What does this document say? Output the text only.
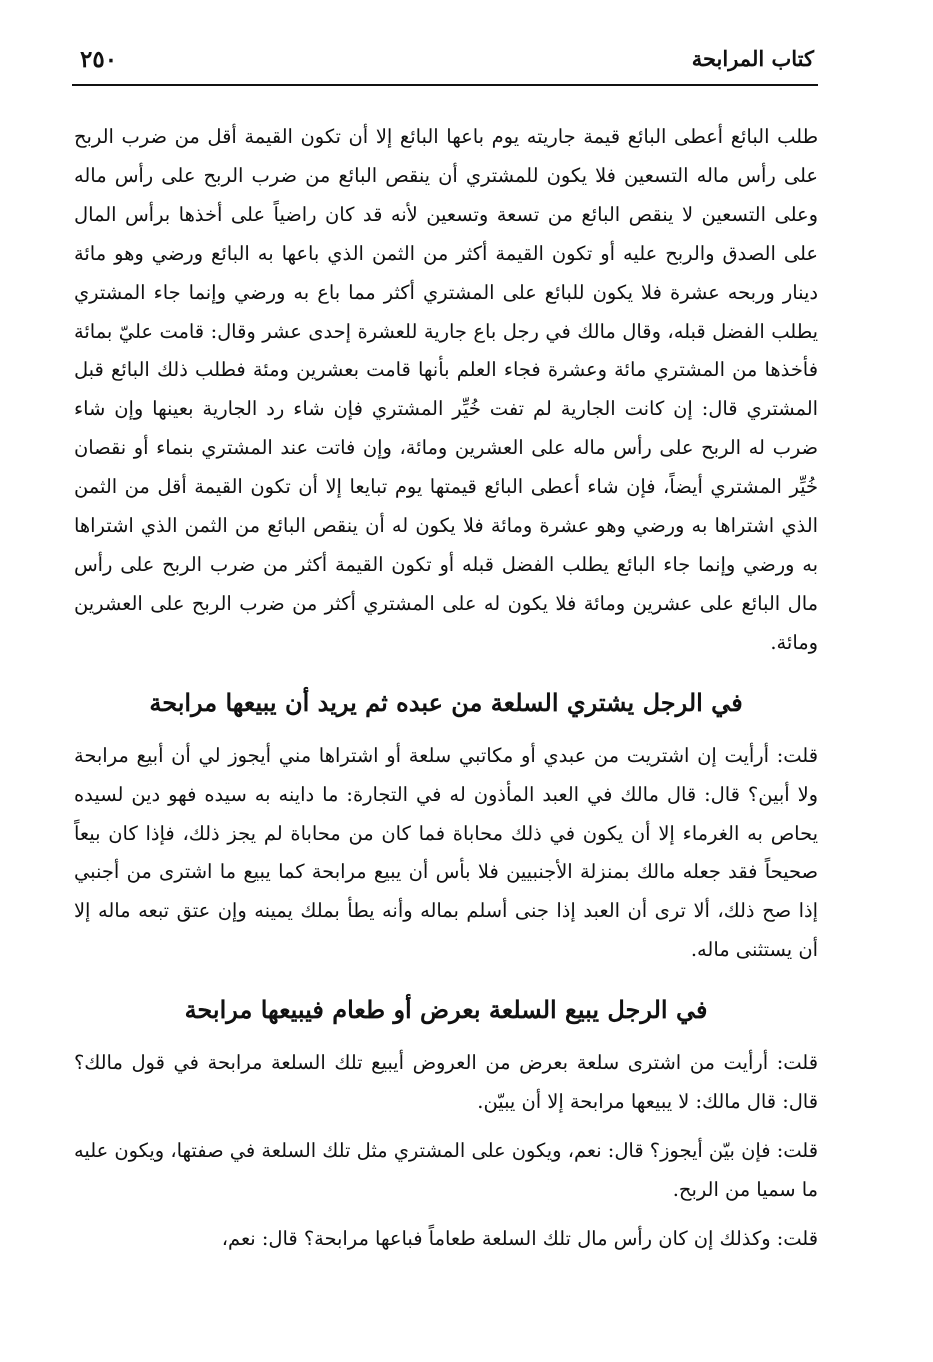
كتاب المرابحة
٢٥٠

طلب البائع أعطى البائع قيمة جاريته يوم باعها البائع إلا أن تكون القيمة أقل من ضرب الربح على رأس ماله التسعين فلا يكون للمشتري أن ينقص البائع من ضرب الربح على رأس ماله وعلى التسعين لا ينقص البائع من تسعة وتسعين لأنه قد كان راضياً على أخذها برأس المال على الصدق والربح عليه أو تكون القيمة أكثر من الثمن الذي باعها به البائع ورضي وهو مائة دينار وربحه عشرة فلا يكون للبائع على المشتري أكثر مما باع به ورضي وإنما جاء المشتري يطلب الفضل قبله، وقال مالك في رجل باع جارية للعشرة إحدى عشر وقال: قامت عليّ بمائة فأخذها من المشتري مائة وعشرة فجاء العلم بأنها قامت بعشرين ومئة فطلب ذلك البائع قبل المشتري قال: إن كانت الجارية لم تفت خُيِّر المشتري فإن شاء رد الجارية بعينها وإن شاء ضرب له الربح على رأس ماله على العشرين ومائة، وإن فاتت عند المشتري بنماء أو نقصان خُيِّر المشتري أيضاً، فإن شاء أعطى البائع قيمتها يوم تبايعا إلا أن تكون القيمة أقل من الثمن الذي اشتراها به ورضي وهو عشرة ومائة فلا يكون له أن ينقص البائع من الثمن الذي اشتراها به ورضي وإنما جاء البائع يطلب الفضل قبله أو تكون القيمة أكثر من ضرب الربح على رأس مال البائع على عشرين ومائة فلا يكون له على المشتري أكثر من ضرب الربح على العشرين ومائة.

في الرجل يشتري السلعة من عبده ثم يريد أن يبيعها مرابحة

قلت: أرأيت إن اشتريت من عبدي أو مكاتبي سلعة أو اشتراها مني أيجوز لي أن أبيع مرابحة ولا أبين؟ قال: قال مالك في العبد المأذون له في التجارة: ما داينه به سيده فهو دين لسيده يحاص به الغرماء إلا أن يكون في ذلك محاباة فما كان من محاباة لم يجز ذلك، فإذا كان بيعاً صحيحاً فقد جعله مالك بمنزلة الأجنبيين فلا بأس أن يبيع مرابحة كما يبيع ما اشترى من أجنبي إذا صح ذلك، ألا ترى أن العبد إذا جنى أسلم بماله وأنه يطأ بملك يمينه وإن عتق تبعه ماله إلا أن يستثنى ماله.

في الرجل يبيع السلعة بعرض أو طعام فيبيعها مرابحة

قلت: أرأيت من اشترى سلعة بعرض من العروض أيبيع تلك السلعة مرابحة في قول مالك؟ قال: قال مالك: لا يبيعها مرابحة إلا أن يبيّن.

قلت: فإن بيّن أيجوز؟ قال: نعم، ويكون على المشتري مثل تلك السلعة في صفتها، ويكون عليه ما سميا من الربح.

قلت: وكذلك إن كان رأس مال تلك السلعة طعاماً فباعها مرابحة؟ قال: نعم،
